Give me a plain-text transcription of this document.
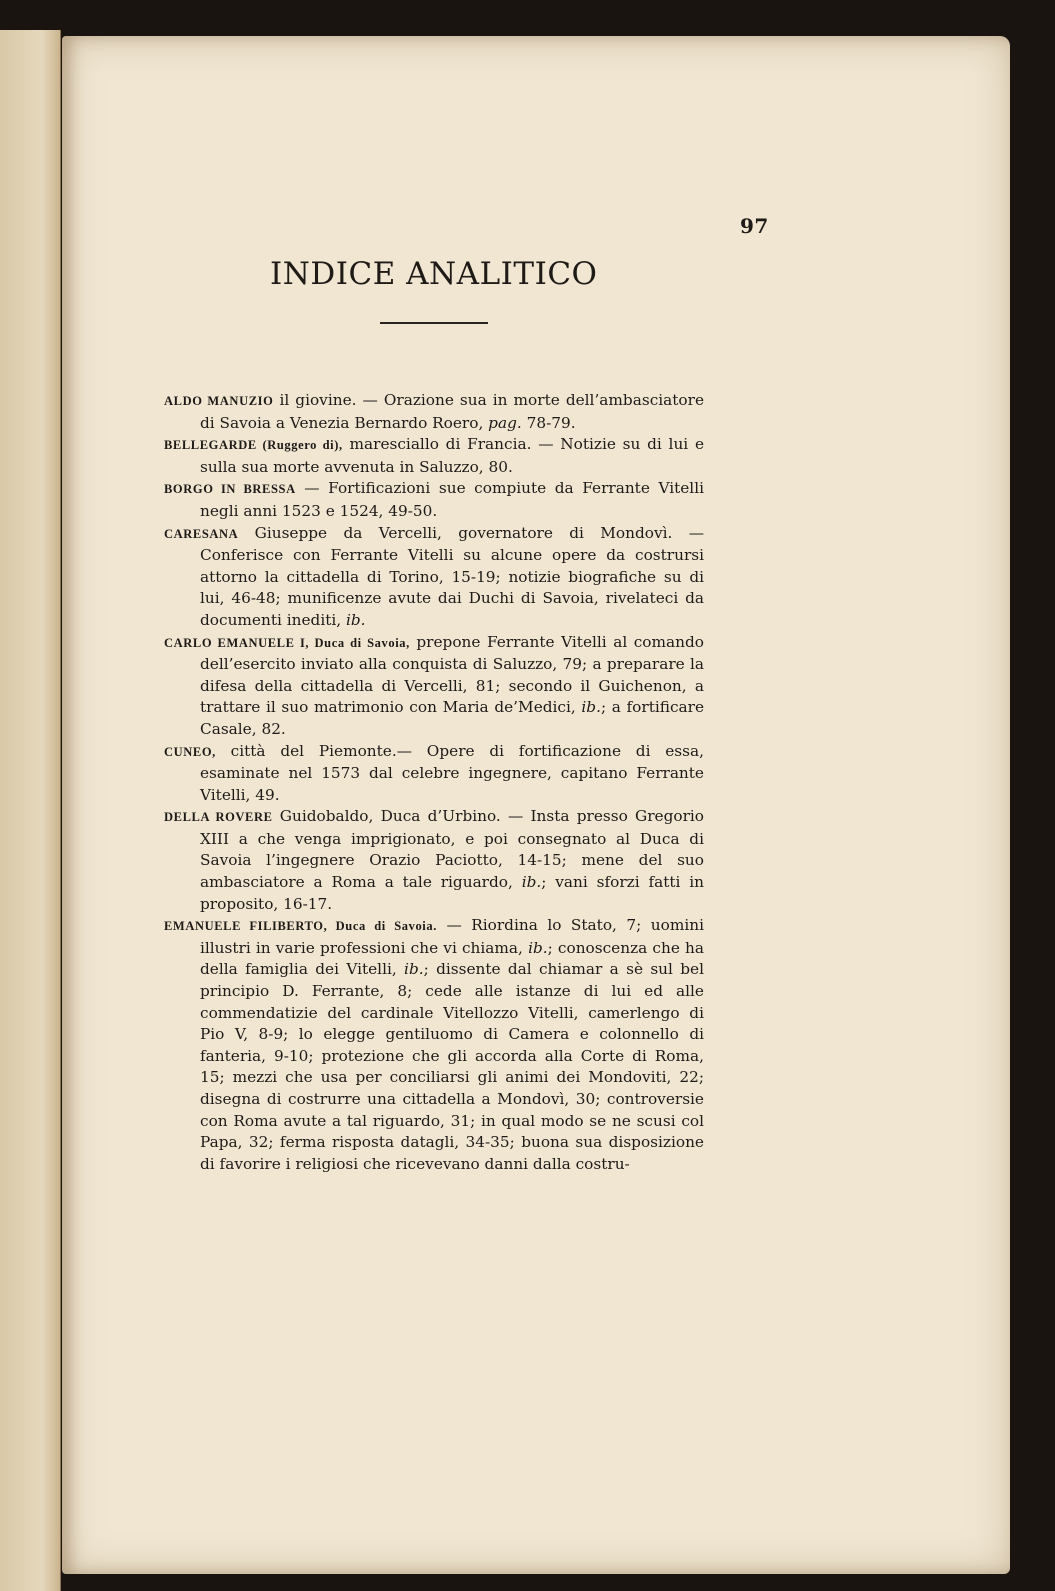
97
INDICE ANALITICO

ALDO MANUZIO il giovine. — Orazione sua in morte dell’ambasciatore di Savoia a Venezia Bernardo Roero, pag. 78-79.

BELLEGARDE (Ruggero di), maresciallo di Francia. — Notizie su di lui e sulla sua morte avvenuta in Saluzzo, 80.

BORGO IN BRESSA — Fortificazioni sue compiute da Ferrante Vitelli negli anni 1523 e 1524, 49-50.

CARESANA Giuseppe da Vercelli, governatore di Mondovì. — Conferisce con Ferrante Vitelli su alcune opere da costrursi attorno la cittadella di Torino, 15-19; notizie biografiche su di lui, 46-48; munificenze avute dai Duchi di Savoia, rivelateci da documenti inediti, ib.

CARLO EMANUELE I, Duca di Savoia, prepone Ferrante Vitelli al comando dell’esercito inviato alla conquista di Saluzzo, 79; a preparare la difesa della cittadella di Vercelli, 81; secondo il Guichenon, a trattare il suo matrimonio con Maria de’Medici, ib.; a fortificare Casale, 82.

CUNEO, città del Piemonte.— Opere di fortificazione di essa, esaminate nel 1573 dal celebre ingegnere, capitano Ferrante Vitelli, 49.

DELLA ROVERE Guidobaldo, Duca d’Urbino. — Insta presso Gregorio XIII a che venga imprigionato, e poi consegnato al Duca di Savoia l’ingegnere Orazio Paciotto, 14-15; mene del suo ambasciatore a Roma a tale riguardo, ib.; vani sforzi fatti in proposito, 16-17.

EMANUELE FILIBERTO, Duca di Savoia. — Riordina lo Stato, 7; uomini illustri in varie professioni che vi chiama, ib.; conoscenza che ha della famiglia dei Vitelli, ib.; dissente dal chiamar a sè sul bel principio D. Ferrante, 8; cede alle istanze di lui ed alle commendatizie del cardinale Vitellozzo Vitelli, camerlengo di Pio V, 8-9; lo elegge gentiluomo di Camera e colonnello di fanteria, 9-10; protezione che gli accorda alla Corte di Roma, 15; mezzi che usa per conciliarsi gli animi dei Mondoviti, 22; disegna di costrurre una cittadella a Mondovì, 30; controversie con Roma avute a tal riguardo, 31; in qual modo se ne scusi col Papa, 32; ferma risposta datagli, 34-35; buona sua disposizione di favorire i religiosi che ricevevano danni dalla costru-
